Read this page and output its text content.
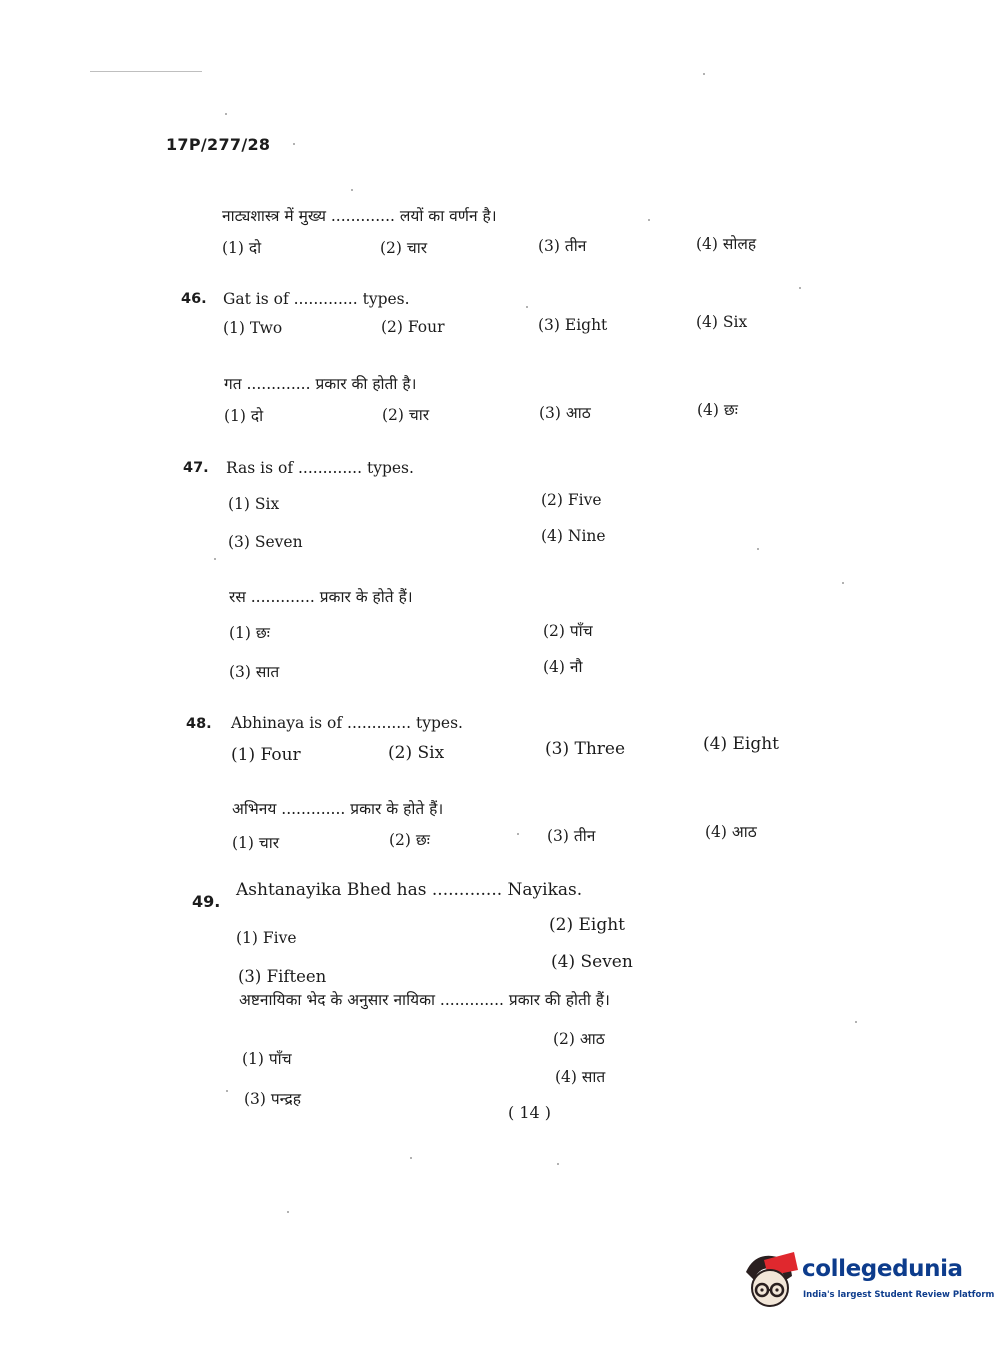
17P/277/28
नाट्यशास्त्र में मुख्य ............. लयों का वर्णन है।
(1) दो	(2) चार	(3) तीन	(4) सोलह
46. Gat is of ............. types.
(1) Two	(2) Four	(3) Eight	(4) Six
गत ............. प्रकार की होती है।
(1) दो	(2) चार	(3) आठ	(4) छः
47. Ras is of ............. types.
(1) Six	(2) Five
(3) Seven	(4) Nine
रस ............. प्रकार के होते हैं।
(1) छः	(2) पाँच
(3) सात	(4) नौ
48. Abhinaya is of ............. types.
(1) Four	(2) Six	(3) Three	(4) Eight
अभिनय ............. प्रकार के होते हैं।
(1) चार	(2) छः	(3) तीन	(4) आठ
49.
Ashtanayika Bhed has ............. Nayikas.
(1) Five
(2) Eight
(3) Fifteen
(4) Seven
अष्टनायिका भेद के अनुसार नायिका ............. प्रकार की होती हैं।
(1) पाँच
(2) आठ
(3) पन्द्रह
(4) सात
( 14 )
collegedunia
India's largest Student Review Platform
